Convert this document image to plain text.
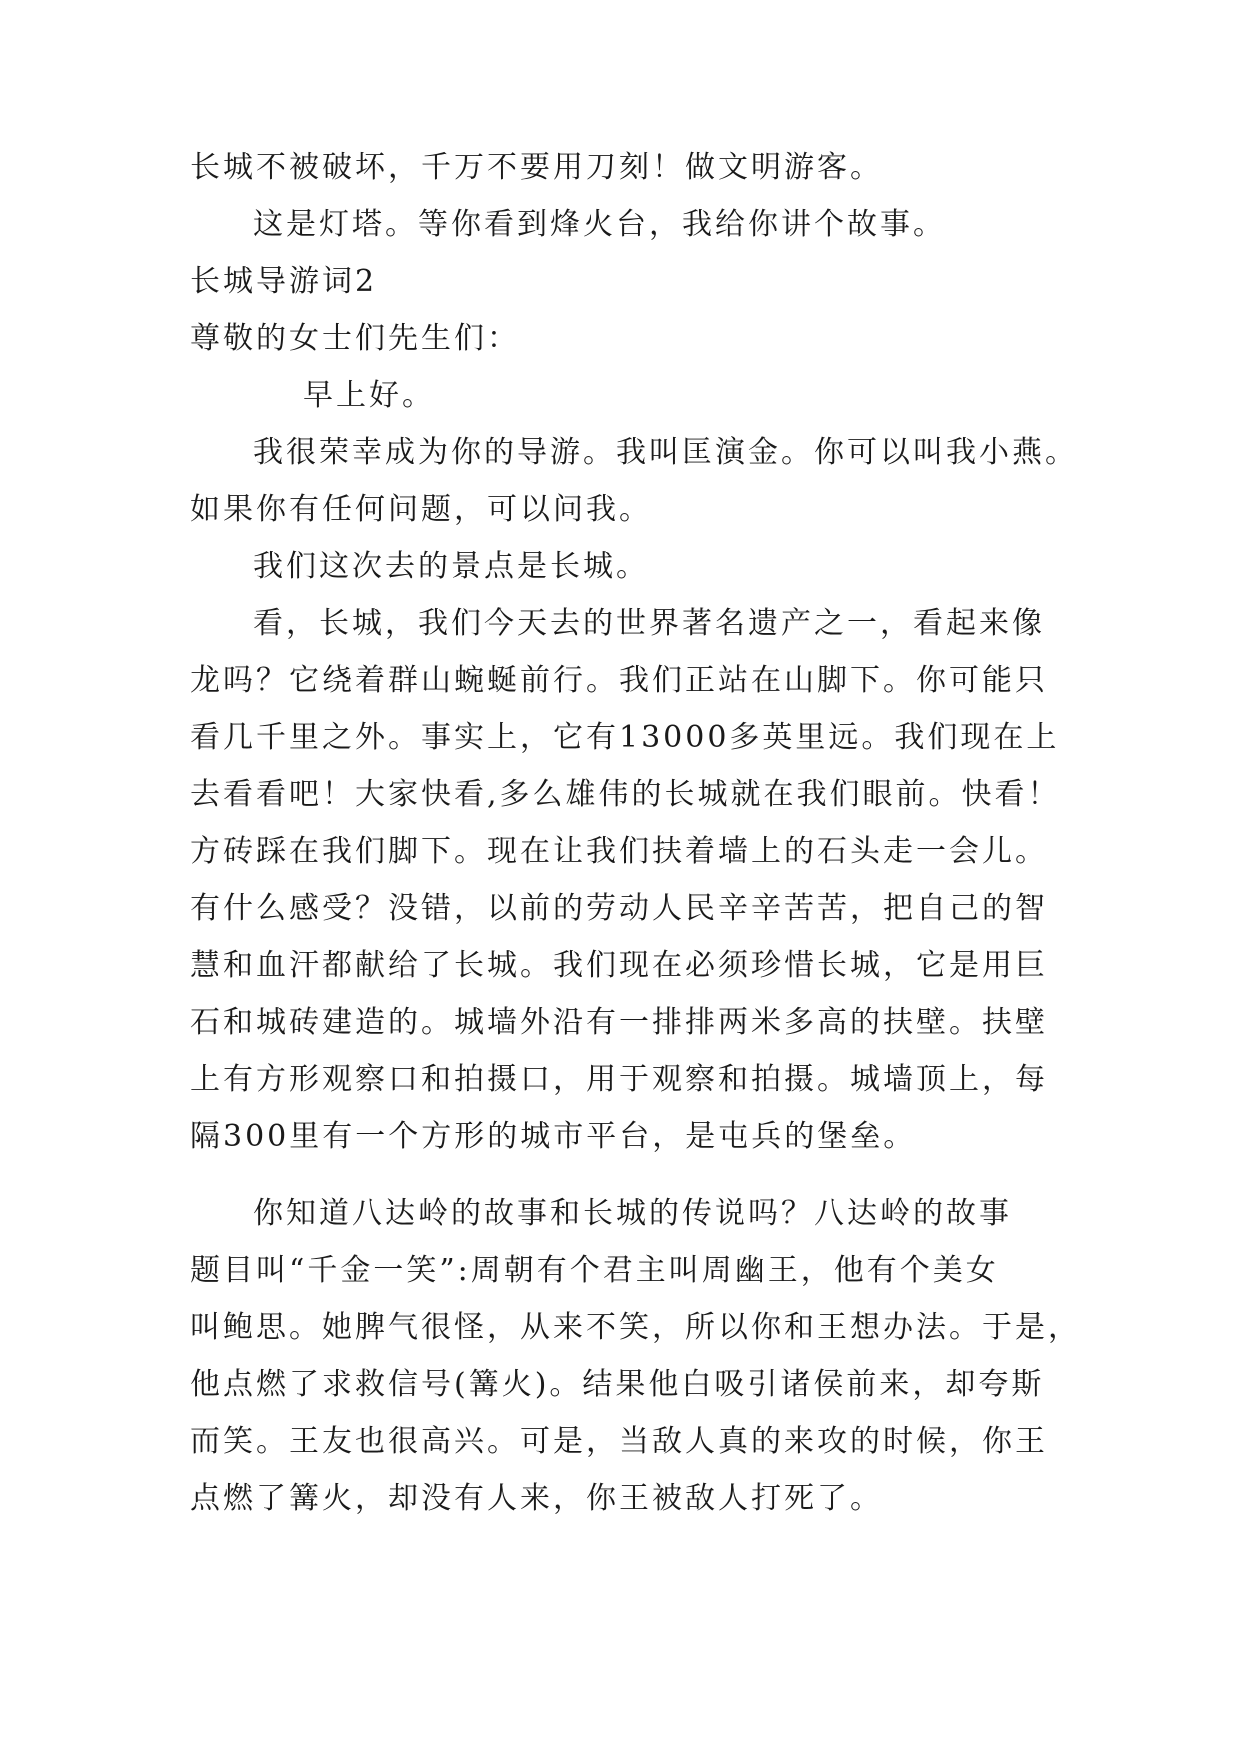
长城不被破坏，千万不要用刀刻！做文明游客。
这是灯塔。等你看到烽火台，我给你讲个故事。
长城导游词2
尊敬的女士们先生们：
早上好。
我很荣幸成为你的导游。我叫匡演金。你可以叫我小燕。
如果你有任何问题，可以问我。
我们这次去的景点是长城。
看，长城，我们今天去的世界著名遗产之一，看起来像
龙吗？它绕着群山蜿蜒前行。我们正站在山脚下。你可能只
看几千里之外。事实上，它有13000多英里远。我们现在上
去看看吧！大家快看,多么雄伟的长城就在我们眼前。快看！
方砖踩在我们脚下。现在让我们扶着墙上的石头走一会儿。
有什么感受？没错，以前的劳动人民辛辛苦苦，把自己的智
慧和血汗都献给了长城。我们现在必须珍惜长城，它是用巨
石和城砖建造的。城墙外沿有一排排两米多高的扶壁。扶壁
上有方形观察口和拍摄口，用于观察和拍摄。城墙顶上，每
隔300里有一个方形的城市平台，是屯兵的堡垒。
你知道八达岭的故事和长城的传说吗？八达岭的故事
题目叫“千金一笑”:周朝有个君主叫周幽王，他有个美女
叫鲍思。她脾气很怪，从来不笑，所以你和王想办法。于是，
他点燃了求救信号(篝火)。结果他白吸引诸侯前来，却夸斯
而笑。王友也很高兴。可是，当敌人真的来攻的时候，你王
点燃了篝火，却没有人来，你王被敌人打死了。
